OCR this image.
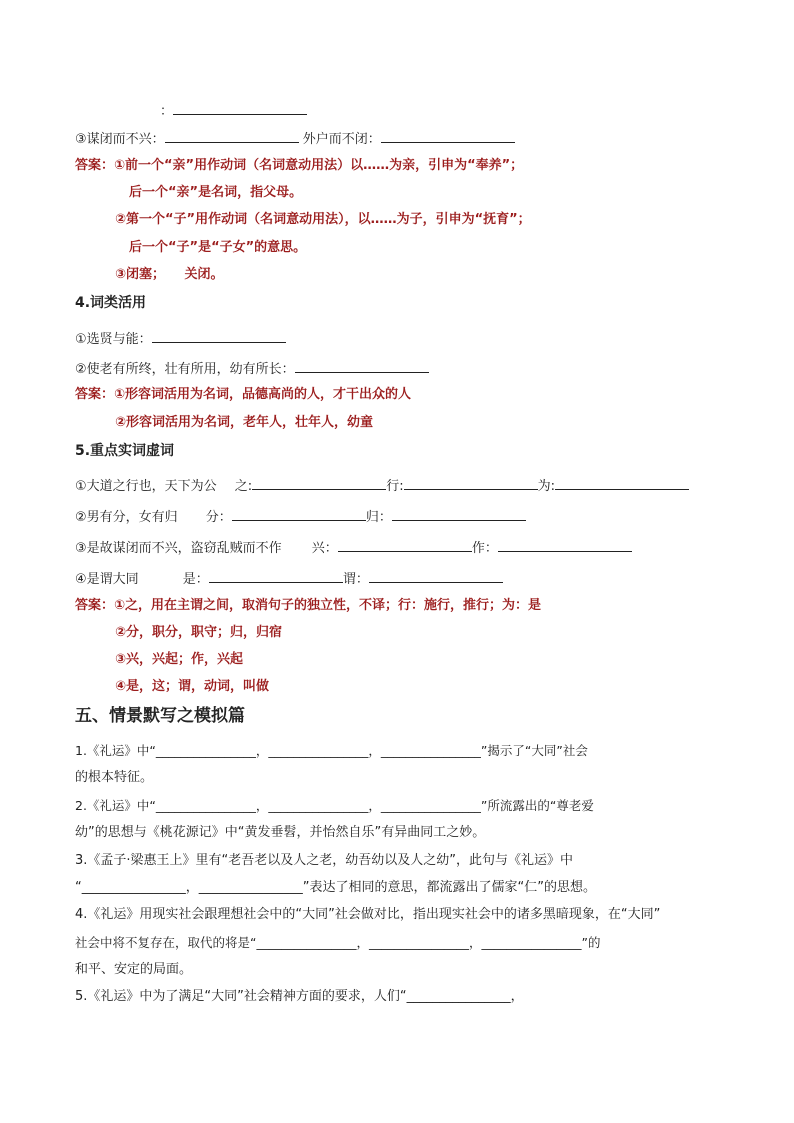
：
③谋闭而不兴：	外户而不闭：
答案：①前一个“亲”用作动词（名词意动用法）以……为亲，引申为“奉养”；
后一个“亲”是名词，指父母。
②第一个“子”用作动词（名词意动用法），以……为子，引申为“抚育”；
后一个“子”是“子女”的意思。
③闭塞；　　关闭。
4.词类活用
①选贤与能：
②使老有所终，壮有所用，幼有所长：
答案：①形容词活用为名词，品德高尚的人，才干出众的人
②形容词活用为名词，老年人，壮年人，幼童
5.重点实词虚词
①大道之行也，天下为公 之:	行:	为:
②男有分，女有归 分：	归：
③是故谋闭而不兴，盗窃乱贼而不作 兴：	作：
④是谓大同	是：	谓：
答案：①之，用在主谓之间，取消句子的独立性，不译；行：施行，推行；为：是
②分，职分，职守；归，归宿
③兴，兴起；作，兴起
④是，这；谓，动词，叫做
五、情景默写之模拟篇
1.《礼运》中“________________，________________，________________”揭示了“大同”社会
的根本特征。
2.《礼运》中“________________，________________，________________”所流露出的“尊老爱
幼”的思想与《桃花源记》中“黄发垂髫，并怡然自乐”有异曲同工之妙。
3.《孟子·梁惠王上》里有“老吾老以及人之老，幼吾幼以及人之幼”，此句与《礼运》中
“________________，________________”表达了相同的意思，都流露出了儒家“仁”的思想。
4.《礼运》用现实社会跟理想社会中的“大同”社会做对比，指出现实社会中的诸多黑暗现象，在“大同”
社会中将不复存在，取代的将是“________________，________________，________________”的
和平、安定的局面。
5.《礼运》中为了满足“大同”社会精神方面的要求，人们“________________，
